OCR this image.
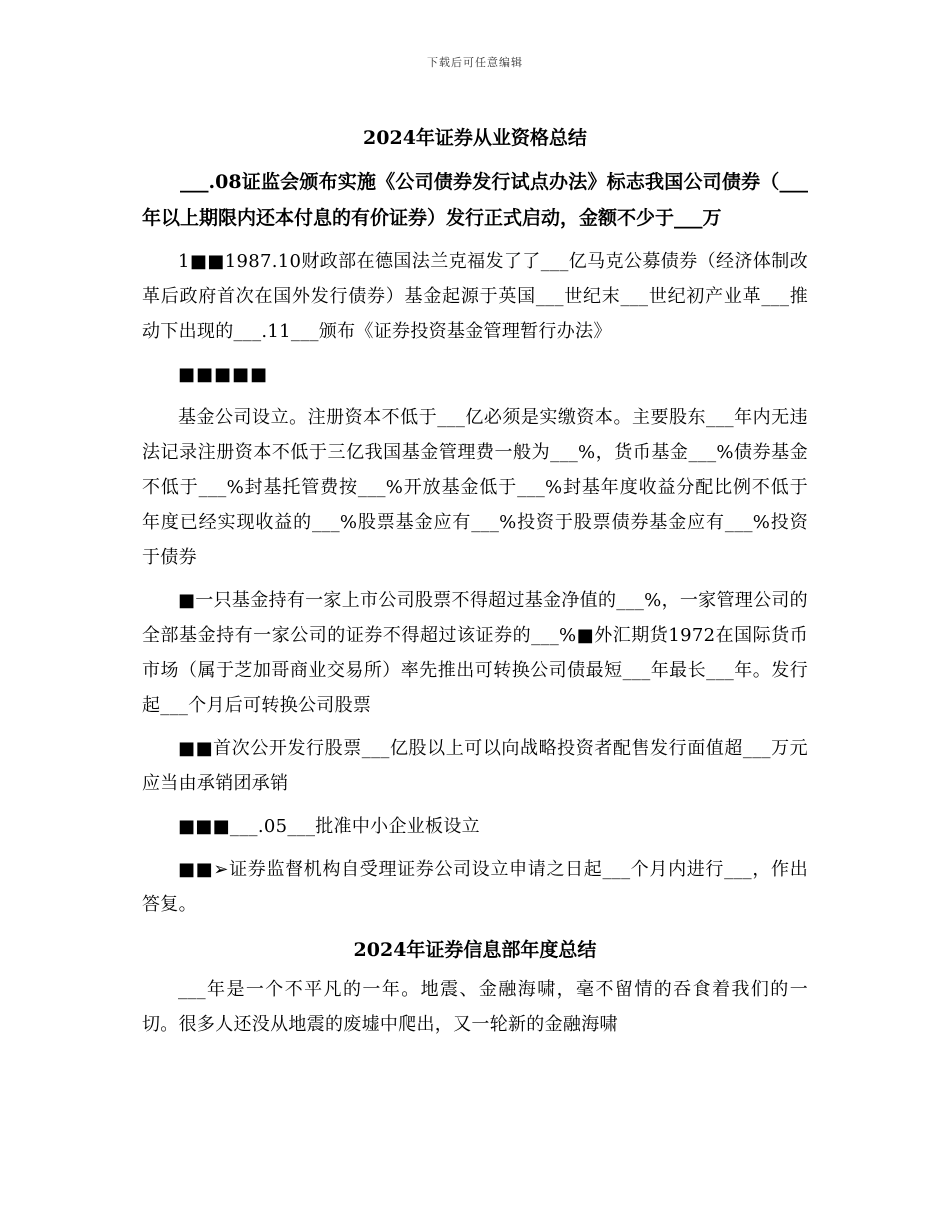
下载后可任意编辑
2024年证券从业资格总结

___.08证监会颁布实施《公司债券发行试点办法》标志我国公司债券（___年以上期限内还本付息的有价证券）发行正式启动，金额不少于___万

1■■1987.10财政部在德国法兰克福发了了___亿马克公募债券（经济体制改革后政府首次在国外发行债券）基金起源于英国___世纪末___世纪初产业革___推动下出现的___.11___颁布《证券投资基金管理暂行办法》

■■■■■

基金公司设立。注册资本不低于___亿必须是实缴资本。主要股东___年内无违法记录注册资本不低于三亿我国基金管理费一般为___%，货币基金___%债券基金不低于___%封基托管费按___%开放基金低于___%封基年度收益分配比例不低于年度已经实现收益的___%股票基金应有___%投资于股票债券基金应有___%投资于债券

■一只基金持有一家上市公司股票不得超过基金净值的___%，一家管理公司的全部基金持有一家公司的证券不得超过该证券的___%■外汇期货1972在国际货币市场（属于芝加哥商业交易所）率先推出可转换公司债最短___年最长___年。发行起___个月后可转换公司股票

■■首次公开发行股票___亿股以上可以向战略投资者配售发行面值超___万元应当由承销团承销

■■■___.05___批准中小企业板设立

■■➢证券监督机构自受理证券公司设立申请之日起___个月内进行___，作出答复。

2024年证券信息部年度总结

___年是一个不平凡的一年。地震、金融海啸，毫不留情的吞食着我们的一切。很多人还没从地震的废墟中爬出，又一轮新的金融海啸
